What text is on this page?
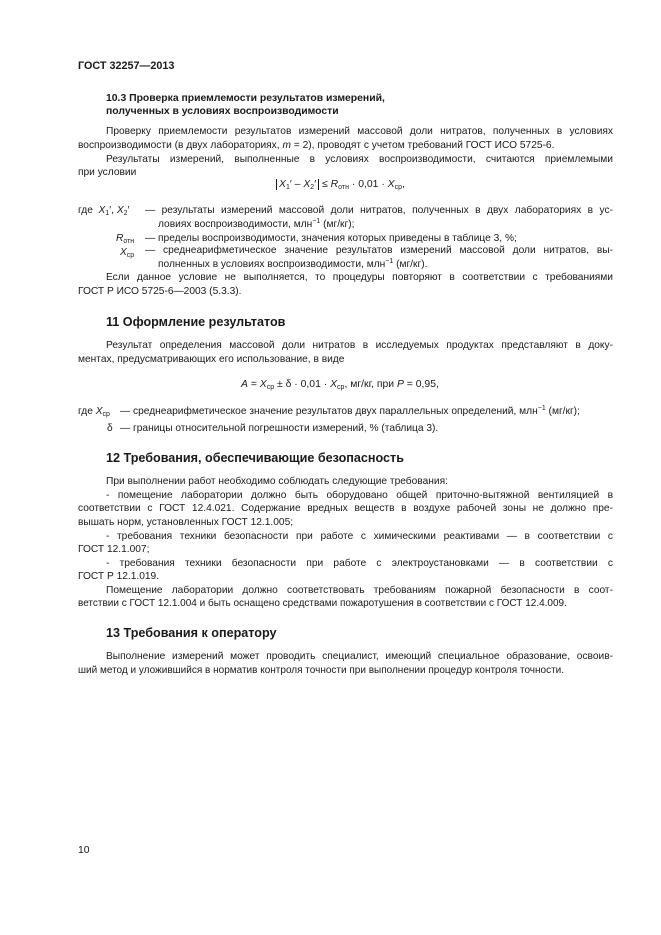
ГОСТ 32257—2013
10.3 Проверка приемлемости результатов измерений,
полученных в условиях воспроизводимости
Проверку приемлемости результатов измерений массовой доли нитратов, полученных в условиях
воспроизводимости (в двух лабораториях, m = 2), проводят с учетом требований ГОСТ ИСО 5725-6.
Результаты измерений, выполненные в условиях воспроизводимости, считаются приемлемыми
при условии
$X_1' - X_2' \le R_{отн} \cdot 0,01 \cdot X_{ср}$,
где $X_1'$, $X_2'$ — результаты измерений массовой доли нитратов, полученных в двух лабораториях в ус-
ловиях воспроизводимости, млн$^{-1}$ (мг/кг);
$R_{отн}$ — пределы воспроизводимости, значения которых приведены в таблице 3, %;
$X_{ср}$ — среднеарифметическое значение результатов измерений массовой доли нитратов, вы-
полненных в условиях воспроизводимости, млн$^{-1}$ (мг/кг).
Если данное условие не выполняется, то процедуры повторяют в соответствии с требованиями
ГОСТ Р ИСО 5725-6—2003 (5.3.3).
11 Оформление результатов
Результат определения массовой доли нитратов в исследуемых продуктах представляют в доку-
ментах, предусматривающих его использование, в виде
$A = X_{ср} \pm \delta \cdot 0,01 \cdot X_{ср}$, мг/кг, при P = 0,95,
где $X_{ср}$ — среднеарифметическое значение результатов двух параллельных определений, млн$^{-1}$ (мг/кг);
δ — границы относительной погрешности измерений, % (таблица 3).
12 Требования, обеспечивающие безопасность
При выполнении работ необходимо соблюдать следующие требования:
- помещение лаборатории должно быть оборудовано общей приточно-вытяжной вентиляцией в
соответствии с ГОСТ 12.4.021. Содержание вредных веществ в воздухе рабочей зоны не должно пре-
вышать норм, установленных ГОСТ 12.1.005;
- требования техники безопасности при работе с химическими реактивами — в соответствии с
ГОСТ 12.1.007;
- требования техники безопасности при работе с электроустановками — в соответствии с
ГОСТ Р 12.1.019.
Помещение лаборатории должно соответствовать требованиям пожарной безопасности в соот-
ветствии с ГОСТ 12.1.004 и быть оснащено средствами пожаротушения в соответствии с ГОСТ 12.4.009.
13 Требования к оператору
Выполнение измерений может проводить специалист, имеющий специальное образование, освоив-
ший метод и уложившийся в норматив контроля точности при выполнении процедур контроля точности.
10
